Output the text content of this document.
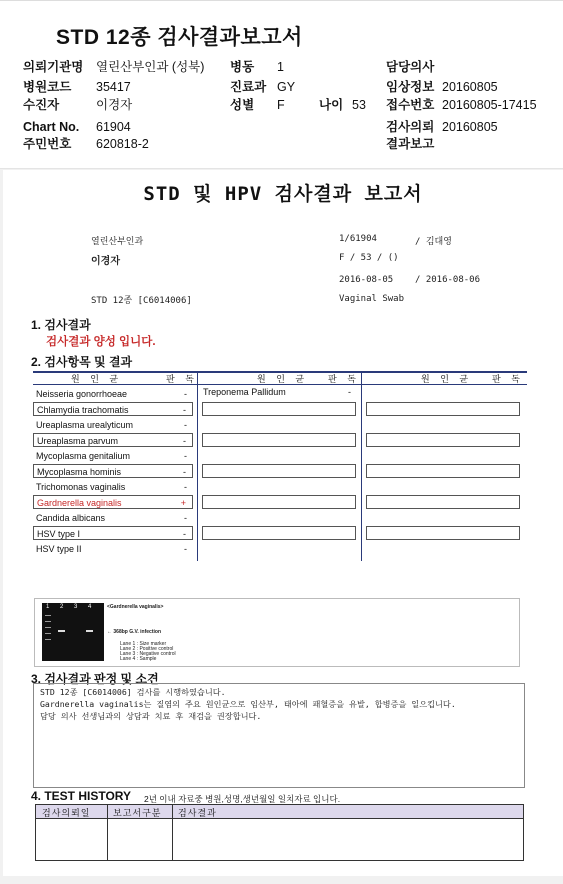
STD 12종 검사결과보고서
의뢰기관명 열린산부인과 (성북)
병원코드 35417
수진자	이경자
Chart No. 61904
주민번호 620818-2
병동 1
진료과 GY
성별 F	나이 53
담당의사
임상정보 20160805
접수번호 20160805-17415
검사의뢰 20160805
결과보고
STD 및 HPV 검사결과 보고서
열린산부인과
이경자
STD 12종 [C6014006]
1/61904	/ 김대영
F / 53 / ()
2016-08-05 / 2016-08-06
Vaginal Swab
1. 검사결과
검사결과 양성 입니다.
2. 검사항목 및 결과
원 인 균	판 독	원 인 균 판 독	원 인 균 판 독
Neisseria gonorrhoeae	-
Chlamydia trachomatis	-
Ureaplasma urealyticum	-
Ureaplasma parvum	-
Mycoplasma genitalium	-
Mycoplasma hominis	-
Trichomonas vaginalis	-
Gardnerella vaginalis	+
Candida albicans	-
HSV type I	-
HSV type II	-
Treponema Pallidum	-
1 2 3 4	<Gardnerella vaginalis>
← 368bp G.V. infection
Lane 1 : Size marker
Lane 2 : Positive control
Lane 3 : Negative control
Lane 4 : Sample
3. 검사결과 판정 및 소견
STD 12종 [C6014006] 검사를 시행하였습니다.
Gardnerella vaginalis는 질염의 주요 원인균으로 임산부, 태아에 패혈증을 유발, 합병증을 일으킵니다.
담당 의사 선생님과의 상담과 치료 후 재검을 권장합니다.
4. TEST HISTORY 2년 이내 자료중 병원,성명,생년월일 일치자료 입니다.
검사의뢰일	보고서구분 검사결과
